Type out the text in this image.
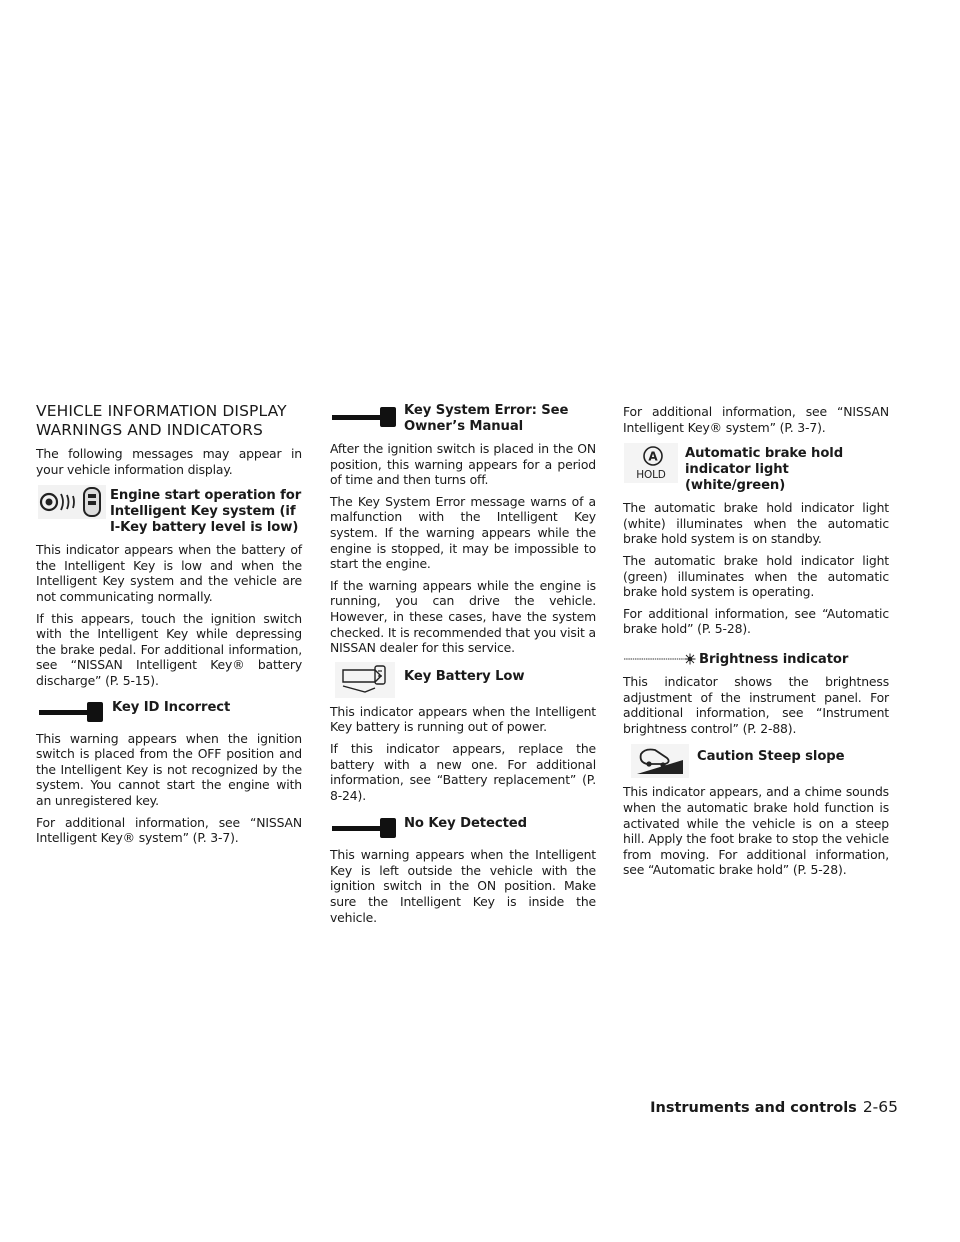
VEHICLE INFORMATION DISPLAY WARNINGS AND INDICATORS

The following messages may appear in your vehicle information display.

Engine start operation for Intelligent Key system (if I-Key battery level is low)

This indicator appears when the battery of the Intelligent Key is low and when the Intelligent Key system and the vehicle are not communicating normally.

If this appears, touch the ignition switch with the Intelligent Key while depressing the brake pedal. For additional information, see “NISSAN Intelligent Key® battery discharge” (P. 5-15).

Key ID Incorrect

This warning appears when the ignition switch is placed from the OFF position and the Intelligent Key is not recognized by the system. You cannot start the engine with an unregistered key.

For additional information, see “NISSAN Intelligent Key® system” (P. 3-7).

Key System Error: See Owner’s Manual

After the ignition switch is placed in the ON position, this warning appears for a period of time and then turns off.

The Key System Error message warns of a malfunction with the Intelligent Key system. If the warning appears while the engine is stopped, it may be impossible to start the engine.

If the warning appears while the engine is running, you can drive the vehicle. However, in these cases, have the system checked. It is recommended that you visit a NISSAN dealer for this service.

Key Battery Low

This indicator appears when the Intelligent Key battery is running out of power.

If this indicator appears, replace the battery with a new one. For additional information, see “Battery replacement” (P. 8-24).

No Key Detected

This warning appears when the Intelligent Key is left outside the vehicle with the ignition switch in the ON position. Make sure the Intelligent Key is inside the vehicle.

For additional information, see “NISSAN Intelligent Key® system” (P. 3-7).

A
HOLD
Automatic brake hold indicator light (white/green)

The automatic brake hold indicator light (white) illuminates when the automatic brake hold system is on standby.

The automatic brake hold indicator light (green) illuminates when the automatic brake hold system is operating.

For additional information, see “Automatic brake hold” (P. 5-28).

Brightness indicator

This indicator shows the brightness adjustment of the instrument panel. For additional information, see “Instrument brightness control” (P. 2-88).

Caution Steep slope

This indicator appears, and a chime sounds when the automatic brake hold function is activated while the vehicle is on a steep hill. Apply the foot brake to stop the vehicle from moving. For additional information, see “Automatic brake hold” (P. 5-28).

Instruments and controls 2-65
